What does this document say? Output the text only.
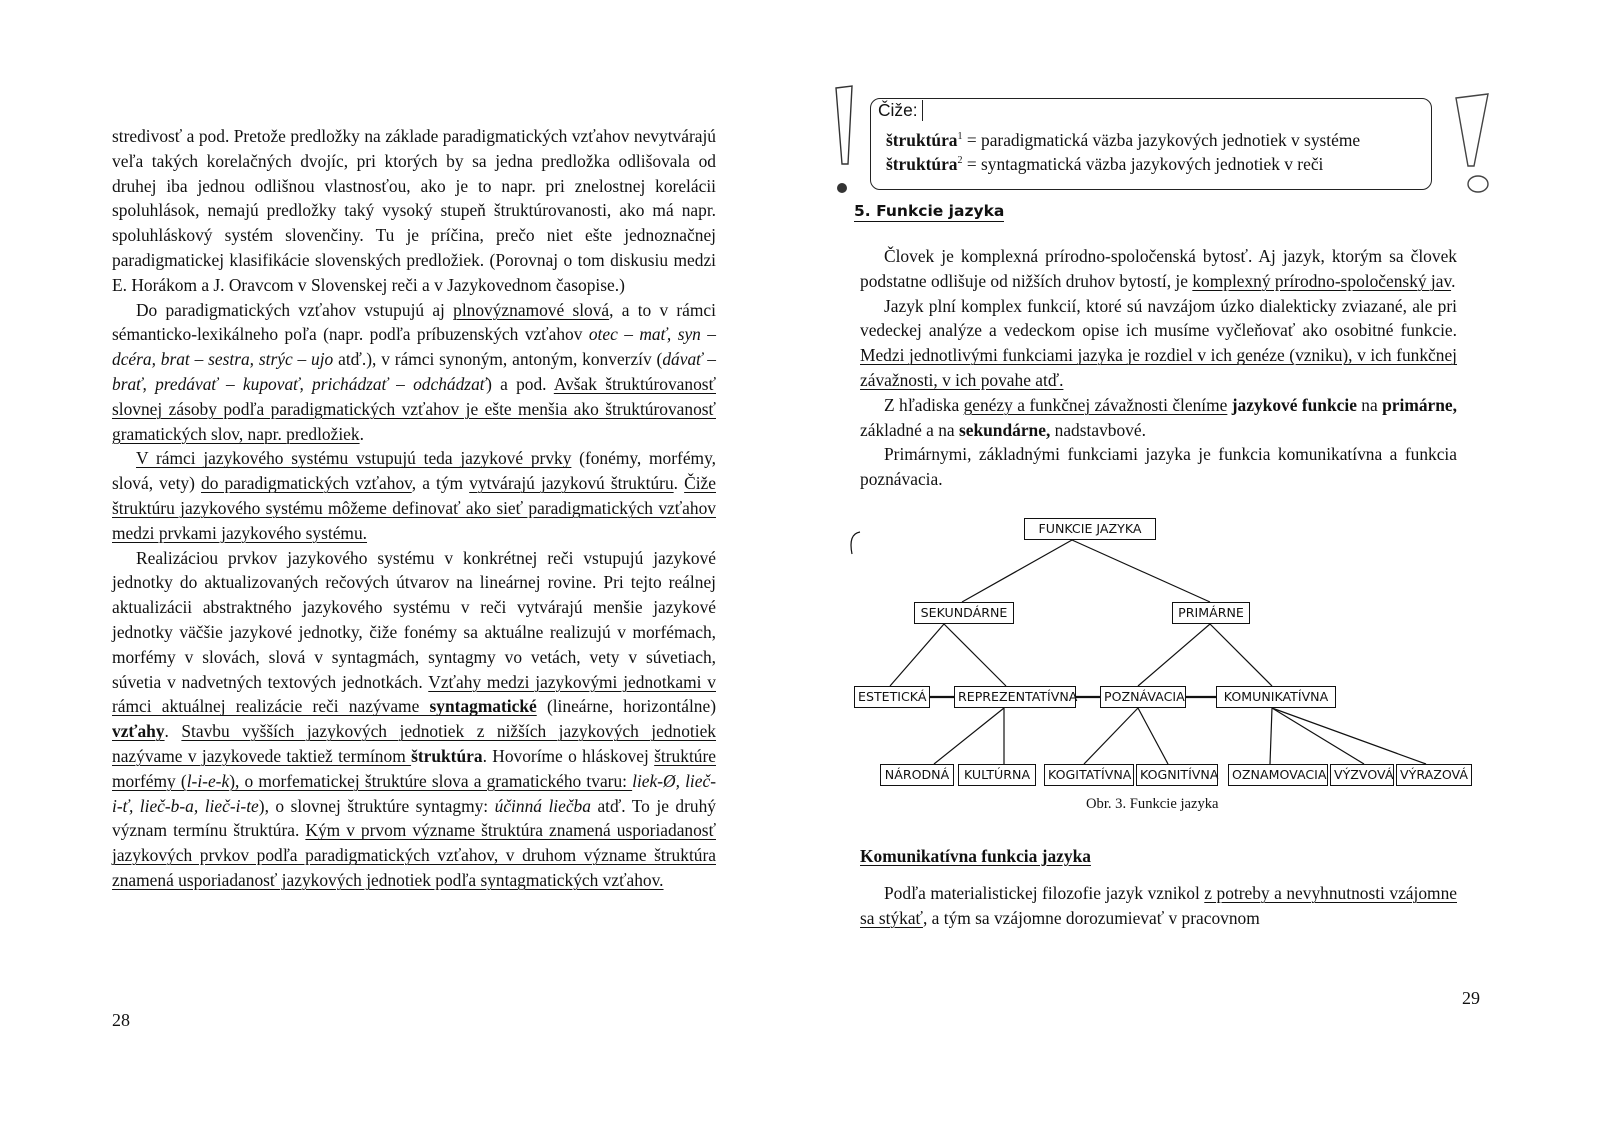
stredivosť a pod. Pretože predložky na základe paradigmatických vzťahov nevytvárajú veľa takých korelačných dvojíc, pri ktorých by sa jedna predložka odlišovala od druhej iba jednou odlišnou vlastnosťou, ako je to napr. pri znelostnej korelácii spoluhlások, nemajú predložky taký vysoký stupeň štruktúrovanosti, ako má napr. spoluhláskový systém slovenčiny. Tu je príčina, prečo niet ešte jednoznačnej paradigmatickej klasifikácie slovenských predložiek. (Porovnaj o tom diskusiu medzi E. Horákom a J. Oravcom v Slovenskej reči a v Jazykovednom časopise.)

Do paradigmatických vzťahov vstupujú aj plnovýznamové slová, a to v rámci sémanticko-lexikálneho poľa (napr. podľa príbuzenských vzťahov otec – mať, syn – dcéra, brat – sestra, strýc – ujo atď.), v rámci synoným, antoným, konverzív (dávať – brať, predávať – kupovať, prichádzať – odchádzať) a pod. Avšak štruktúrovanosť slovnej zásoby podľa paradigmatických vzťahov je ešte menšia ako štruktúrovanosť gramatických slov, napr. predložiek.

V rámci jazykového systému vstupujú teda jazykové prvky (fonémy, morfémy, slová, vety) do paradigmatických vzťahov, a tým vytvárajú jazykovú štruktúru. Čiže štruktúru jazykového systému môžeme definovať ako sieť paradigmatických vzťahov medzi prvkami jazykového systému.

Realizáciou prvkov jazykového systému v konkrétnej reči vstupujú jazykové jednotky do aktualizovaných rečových útvarov na lineárnej rovine. Pri tejto reálnej aktualizácii abstraktného jazykového systému v reči vytvárajú menšie jazykové jednotky väčšie jazykové jednotky, čiže fonémy sa aktuálne realizujú v morfémach, morfémy v slovách, slová v syntagmách, syntagmy vo vetách, vety v súvetiach, súvetia v nadvetných textových jednotkách. Vzťahy medzi jazykovými jednotkami v rámci aktuálnej realizácie reči nazývame syntagmatické (lineárne, horizontálne) vzťahy. Stavbu vyšších jazykových jednotiek z nižších jazykových jednotiek nazývame v jazykovede taktiež termínom štruktúra. Hovoríme o hláskovej štruktúre morfémy (l-i-e-k), o morfematickej štruktúre slova a gramatického tvaru: liek-Ø, lieč-i-ť, lieč-b-a, lieč-i-te), o slovnej štruktúre syntagmy: účinná liečba atď. To je druhý význam termínu štruktúra. Kým v prvom význame štruktúra znamená usporiadanosť jazykových prvkov podľa paradigmatických vzťahov, v druhom význame štruktúra znamená usporiadanosť jazykových jednotiek podľa syntagmatických vzťahov.

28
Čiže:
štruktúra$^1$ = paradigmatická väzba jazykových jednotiek v systéme
štruktúra$^2$ = syntagmatická väzba jazykových jednotiek v reči
5. Funkcie jazyka

Človek je komplexná prírodno-spoločenská bytosť. Aj jazyk, ktorým sa človek podstatne odlišuje od nižších druhov bytostí, je komplexný prírodno-spoločenský jav.

Jazyk plní komplex funkcií, ktoré sú navzájom úzko dialekticky zviazané, ale pri vedeckej analýze a vedeckom opise ich musíme vyčleňovať ako osobitné funkcie. Medzi jednotlivými funkciami jazyka je rozdiel v ich genéze (vzniku), v ich funkčnej závažnosti, v ich povahe atď.

Z hľadiska genézy a funkčnej závažnosti členíme jazykové funkcie na primárne, základné a na sekundárne, nadstavbové.

Primárnymi, základnými funkciami jazyka je funkcia komunikatívna a funkcia poznávacia.

FUNKCIE JAZYKA
SEKUNDÁRNE	PRIMÁRNE
ESTETICKÁ	REPREZENTATÍVNA	POZNÁVACIA	KOMUNIKATÍVNA
NÁRODNÁ	KULTÚRNA	KOGITATÍVNA KOGNITÍVNA	OZNAMOVACIA VÝZVOVÁ VÝRAZOVÁ
Obr. 3. Funkcie jazyka
Komunikatívna funkcia jazyka

Podľa materialistickej filozofie jazyk vznikol z potreby a nevyhnutnosti vzájomne sa stýkať, a tým sa vzájomne dorozumievať v pracovnom

29
